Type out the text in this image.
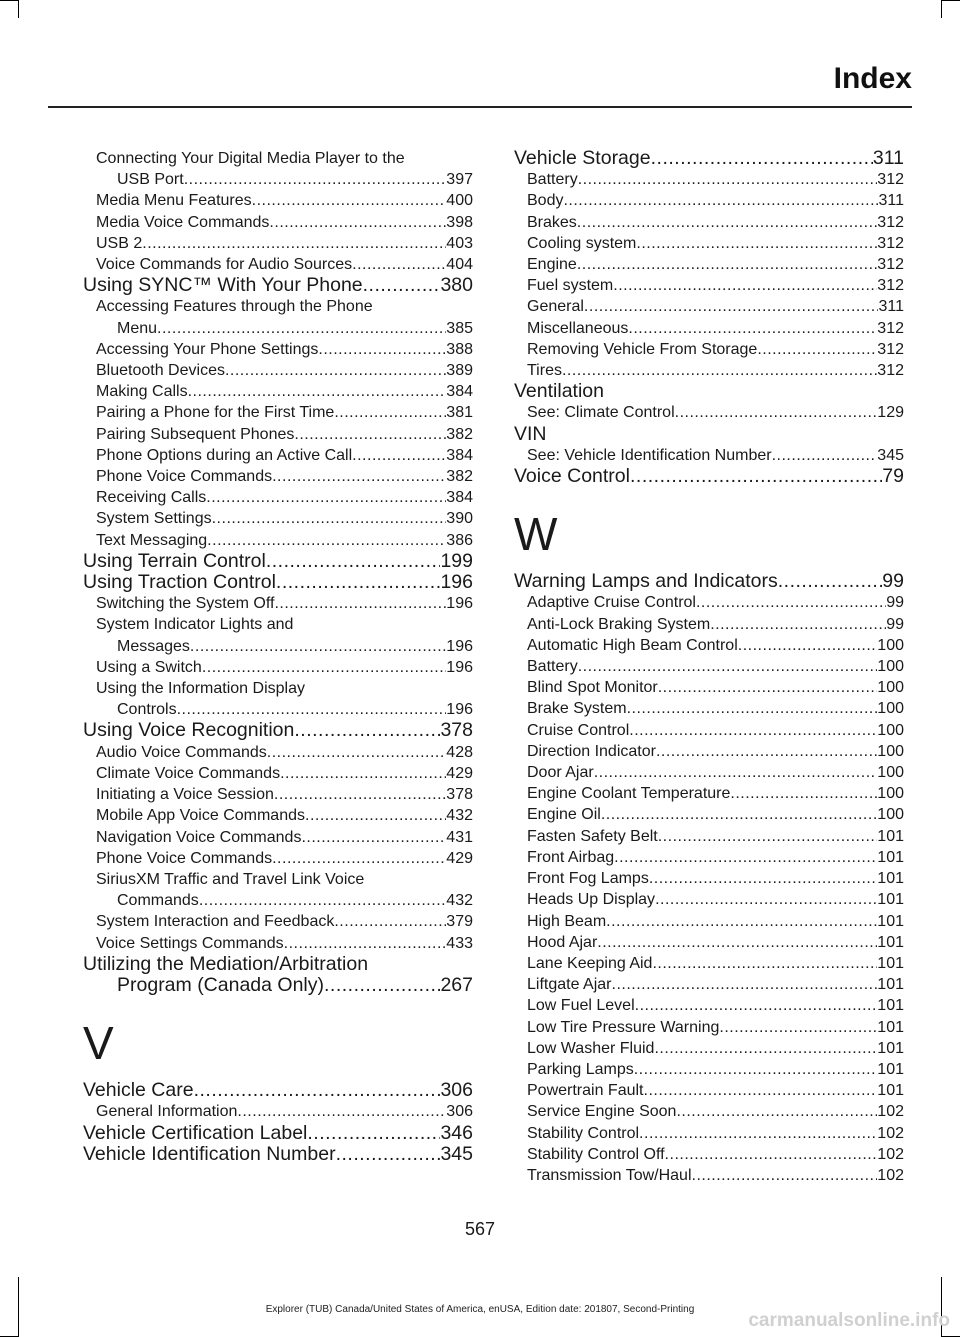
Index
Connecting Your Digital Media Player to the
USB Port .....	397
Media Menu Features .....	400
Media Voice Commands .....	398
USB 2 .....	403
Voice Commands for Audio Sources .....	404
Using SYNC™ With Your Phone .....	380
Accessing Features through the Phone
Menu .....	385
Accessing Your Phone Settings .....	388
Bluetooth Devices .....	389
Making Calls .....	384
Pairing a Phone for the First Time .....	381
Pairing Subsequent Phones .....	382
Phone Options during an Active Call .....	384
Phone Voice Commands .....	382
Receiving Calls .....	384
System Settings .....	390
Text Messaging .....	386
Using Terrain Control .....	199
Using Traction Control .....	196
Switching the System Off .....	196
System Indicator Lights and
Messages .....	196
Using a Switch .....	196
Using the Information Display
Controls .....	196
Using Voice Recognition .....	378
Audio Voice Commands .....	428
Climate Voice Commands .....	429
Initiating a Voice Session .....	378
Mobile App Voice Commands .....	432
Navigation Voice Commands .....	431
Phone Voice Commands .....	429
SiriusXM Traffic and Travel Link Voice
Commands .....	432
System Interaction and Feedback .....	379
Voice Settings Commands .....	433
Utilizing the Mediation/Arbitration
Program (Canada Only) .....	267
V
Vehicle Care .....	306
General Information .....	306
Vehicle Certification Label .....	346
Vehicle Identification Number .....	345
Vehicle Storage .....	311
Battery .....	312
Body .....	311
Brakes .....	312
Cooling system .....	312
Engine .....	312
Fuel system .....	312
General .....	311
Miscellaneous .....	312
Removing Vehicle From Storage .....	312
Tires .....	312
Ventilation
See: Climate Control .....	129
VIN
See: Vehicle Identification Number .....	345
Voice Control .....	79
W
Warning Lamps and Indicators .....	99
Adaptive Cruise Control .....	99
Anti-Lock Braking System .....	99
Automatic High Beam Control .....	100
Battery .....	100
Blind Spot Monitor .....	100
Brake System .....	100
Cruise Control .....	100
Direction Indicator .....	100
Door Ajar .....	100
Engine Coolant Temperature .....	100
Engine Oil .....	100
Fasten Safety Belt .....	101
Front Airbag .....	101
Front Fog Lamps .....	101
Heads Up Display .....	101
High Beam .....	101
Hood Ajar .....	101
Lane Keeping Aid .....	101
Liftgate Ajar .....	101
Low Fuel Level .....	101
Low Tire Pressure Warning .....	101
Low Washer Fluid .....	101
Parking Lamps .....	101
Powertrain Fault .....	101
Service Engine Soon .....	102
Stability Control .....	102
Stability Control Off .....	102
Transmission Tow/Haul .....	102
567
Explorer (TUB) Canada/United States of America, enUSA, Edition date: 201807, Second-Printing
carmanualsonline.info
